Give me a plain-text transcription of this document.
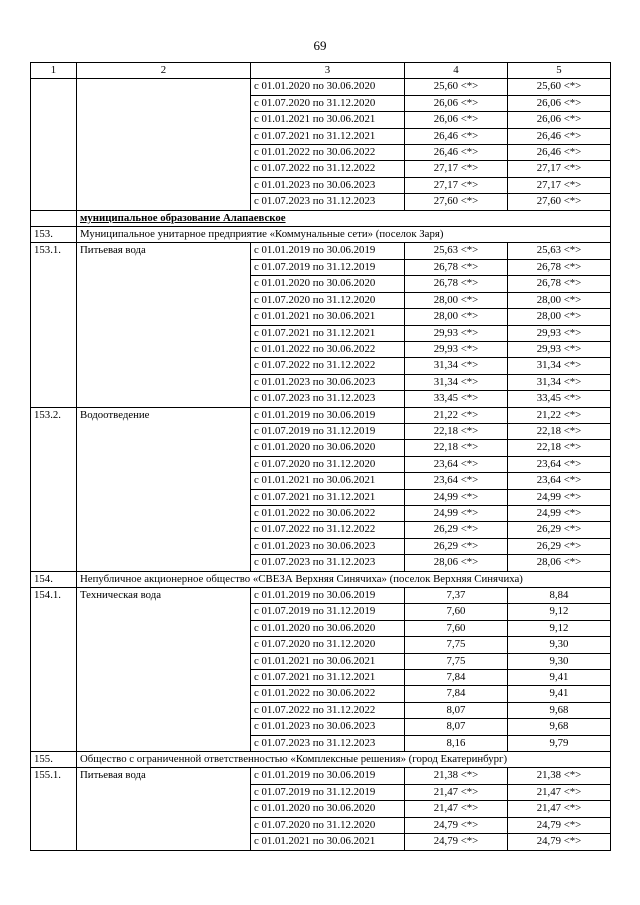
69
1	2	3	4	5
		с 01.01.2020 по 30.06.2020	25,60 <*>	25,60 <*>
		с 01.07.2020 по 31.12.2020	26,06 <*>	26,06 <*>
		с 01.01.2021 по 30.06.2021	26,06 <*>	26,06 <*>
		с 01.07.2021 по 31.12.2021	26,46 <*>	26,46 <*>
		с 01.01.2022 по 30.06.2022	26,46 <*>	26,46 <*>
		с 01.07.2022 по 31.12.2022	27,17 <*>	27,17 <*>
		с 01.01.2023 по 30.06.2023	27,17 <*>	27,17 <*>
		с 01.07.2023 по 31.12.2023	27,60 <*>	27,60 <*>
	муниципальное образование Алапаевское			
153.	Муниципальное унитарное предприятие «Коммунальные сети» (поселок Заря)			
153.1.	Питьевая вода	с 01.01.2019 по 30.06.2019	25,63 <*>	25,63 <*>
		с 01.07.2019 по 31.12.2019	26,78 <*>	26,78 <*>
		с 01.01.2020 по 30.06.2020	26,78 <*>	26,78 <*>
		с 01.07.2020 по 31.12.2020	28,00 <*>	28,00 <*>
		с 01.01.2021 по 30.06.2021	28,00 <*>	28,00 <*>
		с 01.07.2021 по 31.12.2021	29,93 <*>	29,93 <*>
		с 01.01.2022 по 30.06.2022	29,93 <*>	29,93 <*>
		с 01.07.2022 по 31.12.2022	31,34 <*>	31,34 <*>
		с 01.01.2023 по 30.06.2023	31,34 <*>	31,34 <*>
		с 01.07.2023 по 31.12.2023	33,45 <*>	33,45 <*>
153.2.	Водоотведение	с 01.01.2019 по 30.06.2019	21,22 <*>	21,22 <*>
		с 01.07.2019 по 31.12.2019	22,18 <*>	22,18 <*>
		с 01.01.2020 по 30.06.2020	22,18 <*>	22,18 <*>
		с 01.07.2020 по 31.12.2020	23,64 <*>	23,64 <*>
		с 01.01.2021 по 30.06.2021	23,64 <*>	23,64 <*>
		с 01.07.2021 по 31.12.2021	24,99 <*>	24,99 <*>
		с 01.01.2022 по 30.06.2022	24,99 <*>	24,99 <*>
		с 01.07.2022 по 31.12.2022	26,29 <*>	26,29 <*>
		с 01.01.2023 по 30.06.2023	26,29 <*>	26,29 <*>
		с 01.07.2023 по 31.12.2023	28,06 <*>	28,06 <*>
154.	Непубличное акционерное общество «СВЕЗА Верхняя Синячиха» (поселок Верхняя Синячиха)			
154.1.	Техническая вода	с 01.01.2019 по 30.06.2019	7,37	8,84
		с 01.07.2019 по 31.12.2019	7,60	9,12
		с 01.01.2020 по 30.06.2020	7,60	9,12
		с 01.07.2020 по 31.12.2020	7,75	9,30
		с 01.01.2021 по 30.06.2021	7,75	9,30
		с 01.07.2021 по 31.12.2021	7,84	9,41
		с 01.01.2022 по 30.06.2022	7,84	9,41
		с 01.07.2022 по 31.12.2022	8,07	9,68
		с 01.01.2023 по 30.06.2023	8,07	9,68
		с 01.07.2023 по 31.12.2023	8,16	9,79
155.	Общество с ограниченной ответственностью «Комплексные решения» (город Екатеринбург)			
155.1.	Питьевая вода	с 01.01.2019 по 30.06.2019	21,38 <*>	21,38 <*>
		с 01.07.2019 по 31.12.2019	21,47 <*>	21,47 <*>
		с 01.01.2020 по 30.06.2020	21,47 <*>	21,47 <*>
		с 01.07.2020 по 31.12.2020	24,79 <*>	24,79 <*>
		с 01.01.2021 по 30.06.2021	24,79 <*>	24,79 <*>
